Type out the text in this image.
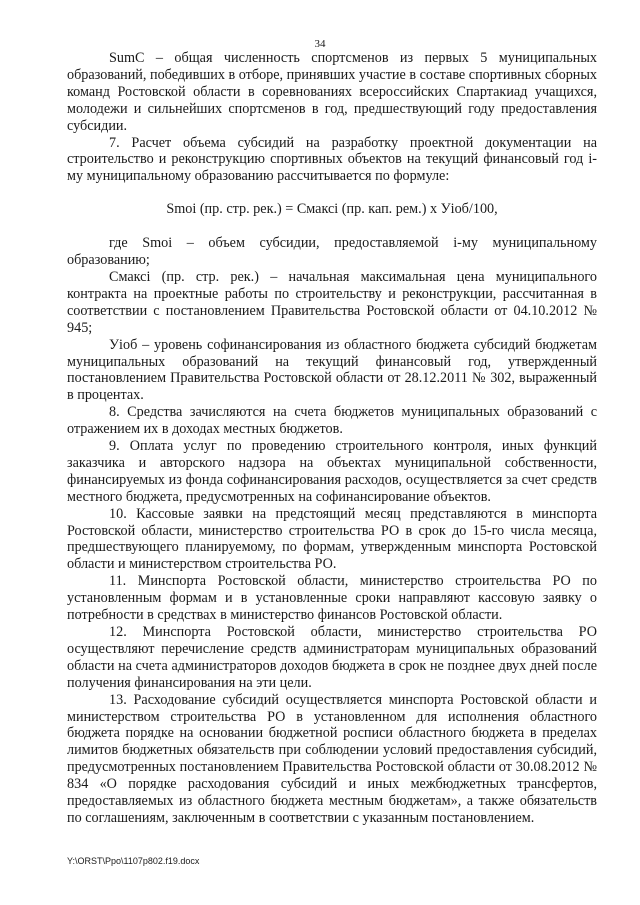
34

SumC – общая численность спортсменов из первых 5 муниципальных образований, победивших в отборе, принявших участие в составе спортивных сборных команд Ростовской области в соревнованиях всероссийских Спартакиад учащихся, молодежи и сильнейших спортсменов в год, предшествующий году предоставления субсидии.

7. Расчет объема субсидий на разработку проектной документации на строительство и реконструкцию спортивных объектов на текущий финансовый год i-му муниципальному образованию рассчитывается по формуле:

Smoi (пр. стр. рек.) = Смаксi (пр. кап. рем.) х Уiоб/100,

где Smoi – объем субсидии, предоставляемой i-му муниципальному образованию;

Смаксi (пр. стр. рек.) – начальная максимальная цена муниципального контракта на проектные работы по строительству и реконструкции, рассчитанная в соответствии с постановлением Правительства Ростовской области от 04.10.2012 № 945;

Уiоб – уровень софинансирования из областного бюджета субсидий бюджетам муниципальных образований на текущий финансовый год, утвержденный постановлением Правительства Ростовской области от 28.12.2011 № 302, выраженный в процентах.

8. Средства зачисляются на счета бюджетов муниципальных образований с отражением их в доходах местных бюджетов.

9. Оплата услуг по проведению строительного контроля, иных функций заказчика и авторского надзора на объектах муниципальной собственности, финансируемых из фонда софинансирования расходов, осуществляется за счет средств местного бюджета, предусмотренных на софинансирование объектов.

10. Кассовые заявки на предстоящий месяц представляются в минспорта Ростовской области, министерство строительства РО в срок до 15-го числа месяца, предшествующего планируемому, по формам, утвержденным минспорта Ростовской области и министерством строительства РО.

11. Минспорта Ростовской области, министерство строительства РО по установленным формам и в установленные сроки направляют кассовую заявку о потребности в средствах в министерство финансов Ростовской области.

12. Минспорта Ростовской области, министерство строительства РО осуществляют перечисление средств администраторам муниципальных образований области на счета администраторов доходов бюджета в срок не позднее двух дней после получения финансирования на эти цели.

13. Расходование субсидий осуществляется минспорта Ростовской области и министерством строительства РО в установленном для исполнения областного бюджета порядке на основании бюджетной росписи областного бюджета в пределах лимитов бюджетных обязательств при соблюдении условий предоставления субсидий, предусмотренных постановлением Правительства Ростовской области от 30.08.2012 № 834 «О порядке расходования субсидий и иных межбюджетных трансфертов, предоставляемых из областного бюджета местным бюджетам», а также обязательств по соглашениям, заключенным в соответствии с указанным постановлением.

Y:\ORST\Ppo\1107p802.f19.docx
